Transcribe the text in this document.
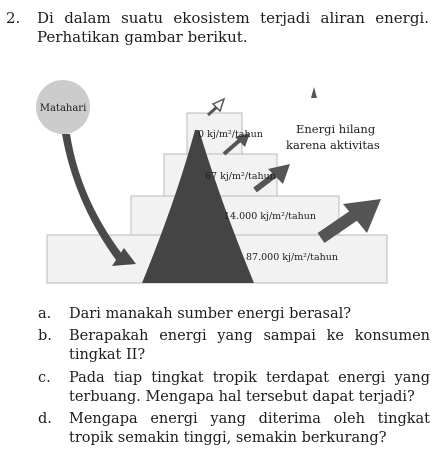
2. Di dalam suatu ekosistem terjadi aliran energi. Perhatikan gambar berikut.
Matahari
0 kj/m²/tahun
67 kj/m²/tahun
14.000 kj/m²/tahun
87.000 kj/m²/tahun
Energi hilang
karena aktivitas
a. Dari manakah sumber energi berasal?
b. Berapakah energi yang sampai ke konsumen tingkat II?
c. Pada tiap tingkat tropik terdapat energi yang terbuang. Mengapa hal tersebut dapat terjadi?
d. Mengapa energi yang diterima oleh tingkat tropik semakin tinggi, semakin berkurang?
